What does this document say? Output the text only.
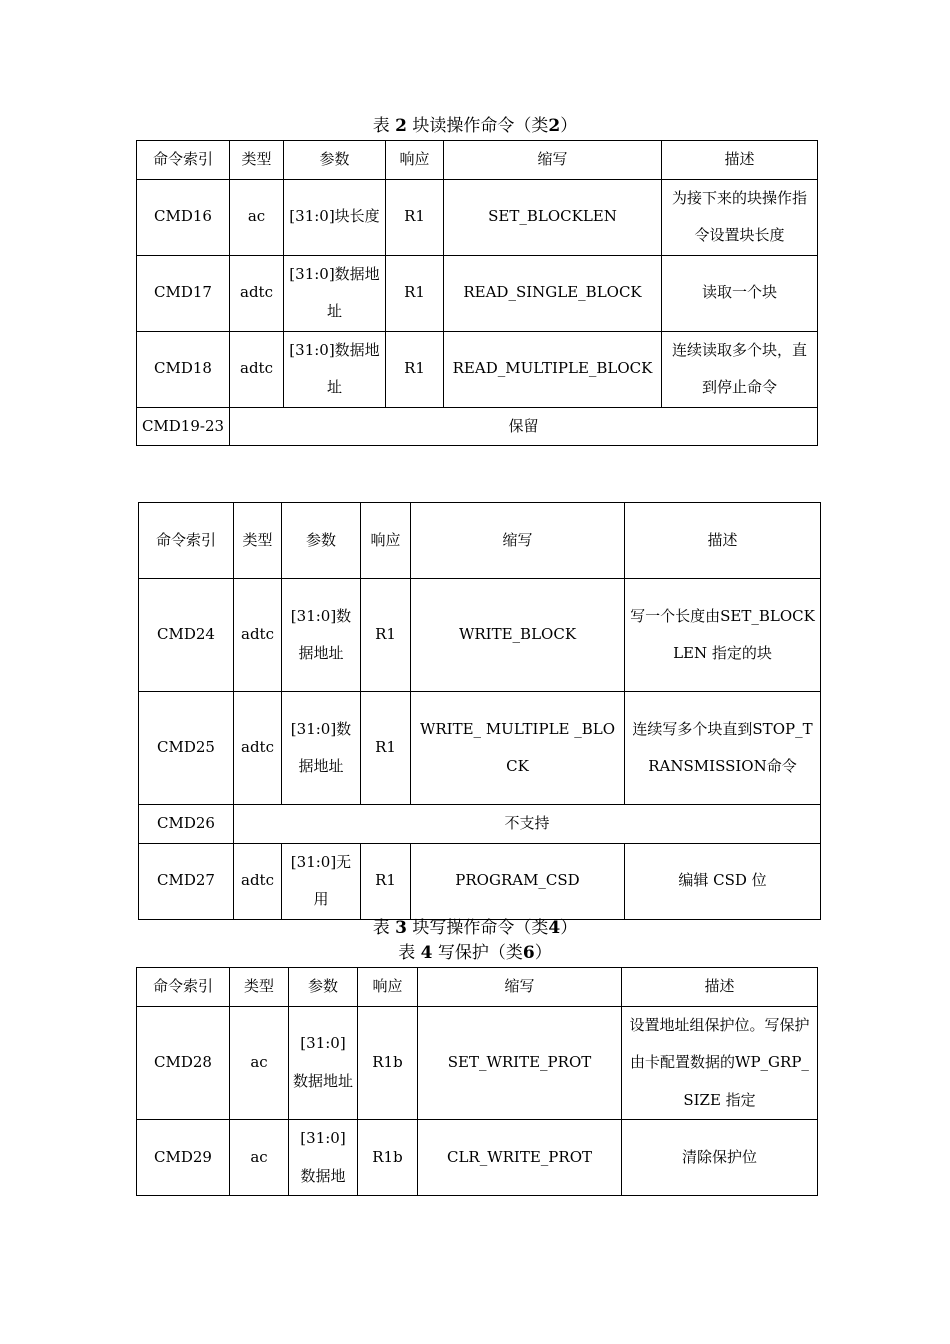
表 2 块读操作命令（类2）
命令索引	类型	参数	响应	缩写	描述
CMD16	ac	[31:0]块长度	R1	SET_BLOCKLEN	为接下来的块操作指令设置块长度
CMD17	adtc	[31:0]数据地址	R1	READ_SINGLE_BLOCK	读取一个块
CMD18	adtc	[31:0]数据地址	R1	READ_MULTIPLE_BLOCK	连续读取多个块，直到停止命令
CMD19-23	保留				
命令索引	类型	参数	响应	缩写	描述
CMD24	adtc	[31:0]数据地址	R1	WRITE_BLOCK	写一个长度由SET_BLOCKLEN 指定的块
CMD25	adtc	[31:0]数据地址	R1	WRITE_ MULTIPLE _BLOCK	连续写多个块直到STOP_TRANSMISSION命令
CMD26	不支持				
CMD27	adtc	[31:0]无用	R1	PROGRAM_CSD	编辑 CSD 位
表 3 块写操作命令（类4）
表 4 写保护（类6）
命令索引	类型	参数	响应	缩写	描述
CMD28	ac	[31:0]数据地址	R1b	SET_WRITE_PROT	设置地址组保护位。写保护由卡配置数据的WP_GRP_SIZE 指定
CMD29	ac	[31:0]数据地	R1b	CLR_WRITE_PROT	清除保护位
